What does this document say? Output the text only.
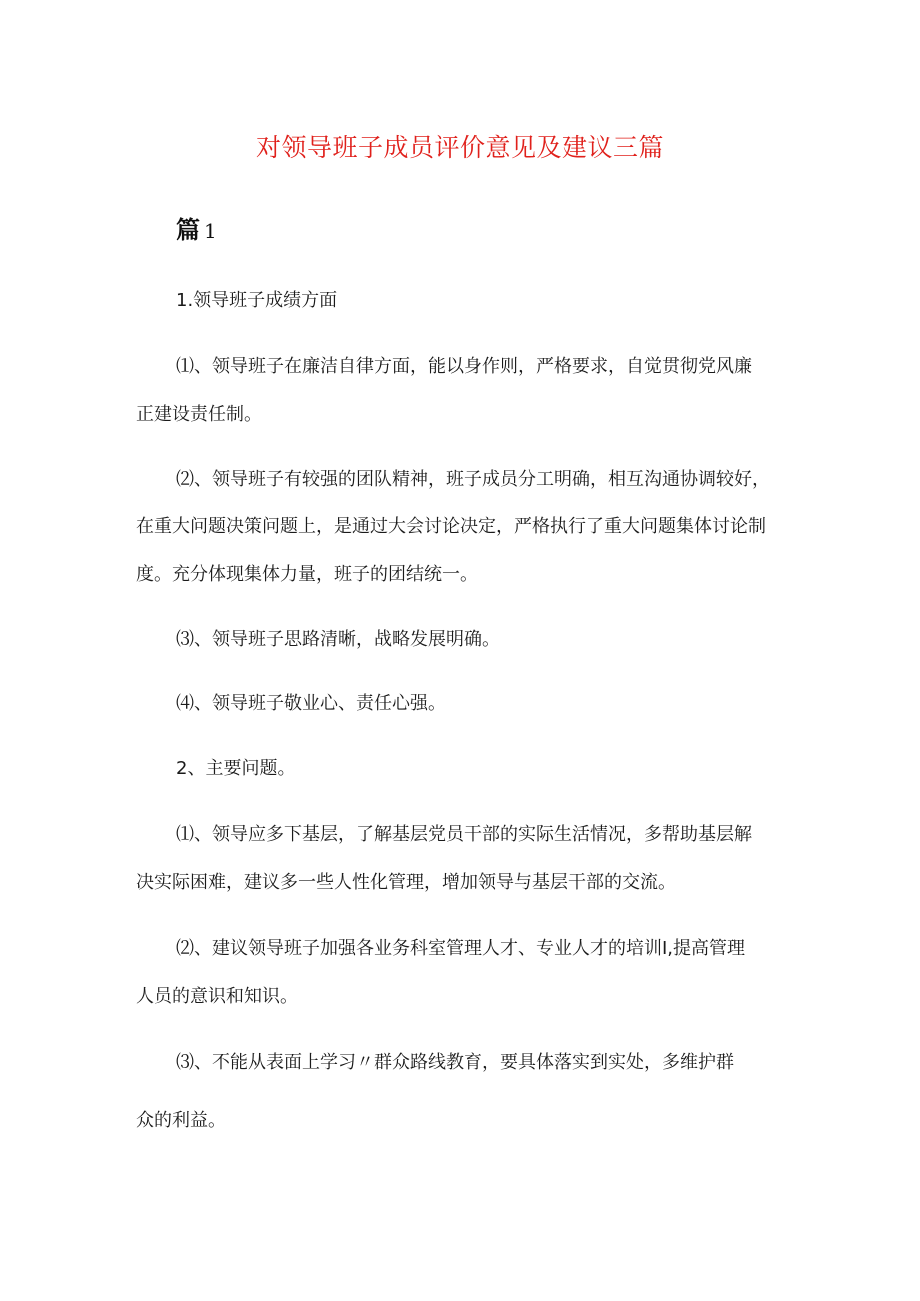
对领导班子成员评价意见及建议三篇
篇 1
1.领导班子成绩方面
⑴、领导班子在廉洁自律方面，能以身作则，严格要求，自觉贯彻党风廉
正建设责任制。
⑵、领导班子有较强的团队精神，班子成员分工明确，相互沟通协调较好，
在重大问题决策问题上，是通过大会讨论决定，严格执行了重大问题集体讨论制
度。充分体现集体力量，班子的团结统一。
⑶、领导班子思路清晰，战略发展明确。
⑷、领导班子敬业心、责任心强。
2、主要问题。
⑴、领导应多下基层，了解基层党员干部的实际生活情况，多帮助基层解
决实际困难，建议多一些人性化管理，增加领导与基层干部的交流。
⑵、建议领导班子加强各业务科室管理人才、专业人才的培训I,提高管理
人员的意识和知识。
⑶、不能从表面上学习〃群众路线教育，要具体落实到实处，多维护群
众的利益。
